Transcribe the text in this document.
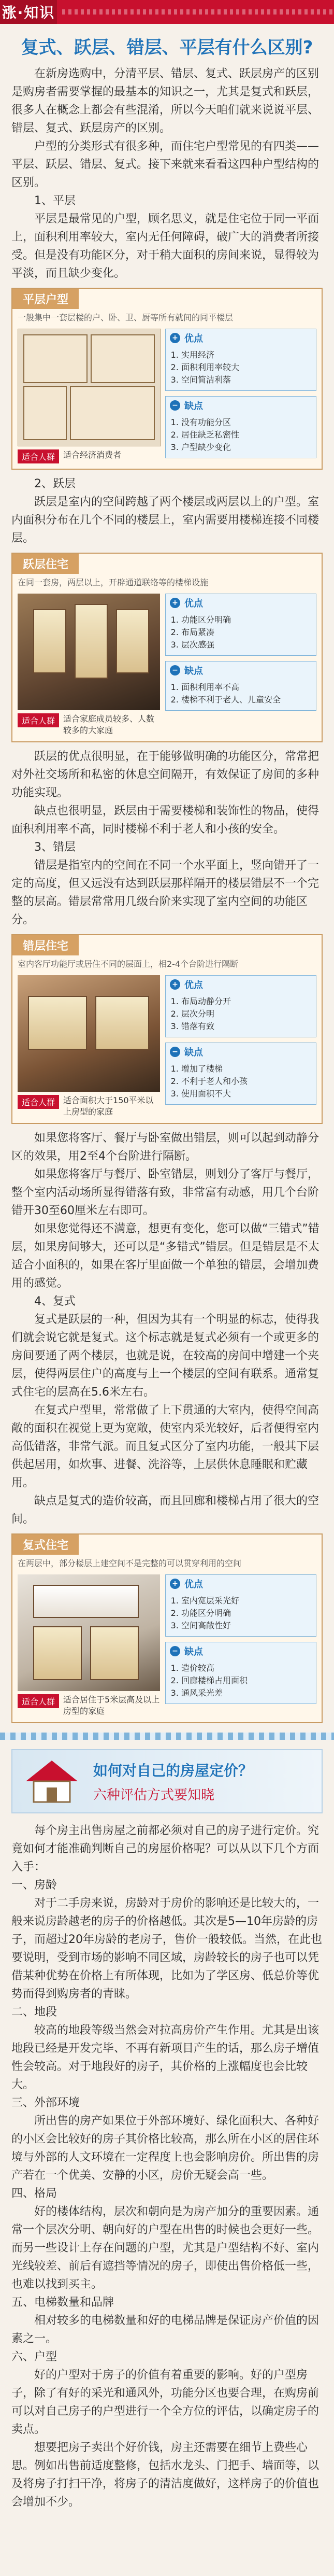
涨·知识
复式、跃层、错层、平层有什么区别?

在新房选购中，分清平层、错层、复式、跃层房产的区别是购房者需要掌握的最基本的知识之一，尤其是复式和跃层，很多人在概念上都会有些混淆，所以今天咱们就来说说平层、错层、复式、跃层房产的区别。

户型的分类形式有很多种，而住宅户型常见的有四类——平层、跃层、错层、复式。接下来就来看看这四种户型结构的区别。

1、平层

平层是最常见的户型，顾名思义，就是住宅位于同一平面上，面积利用率较大，室内无任何障碍，破广大的消费者所接受。但是没有功能区分，对于稍大面积的房间来说，显得较为平淡，而且缺少变化。

平层户型
一般集中一套层楼的户、卧、卫、厨等所有就间的同平楼层
适合人群	适合经济消费者
+ 优点
1. 实用经济
2. 面积利用率较大
3. 空间简洁利落
− 缺点
1. 没有功能分区
2. 居住缺乏私密性
3. 户型缺少变化
2、跃层

跃层是室内的空间跨越了两个楼层或两层以上的户型。室内面积分布在几个不同的楼层上，室内需要用楼梯连接不同楼层。

跃层住宅
在同一套房，两层以上，开辟通道联络等的楼梯设施
适合人群	适合家庭成员较多、人数较多的大家庭
+ 优点
1. 功能区分明确
2. 布局紧凑
3. 层次感强
− 缺点
1. 面积利用率不高
2. 楼梯不利于老人、儿童安全

跃层的优点很明显，在于能够做明确的功能区分，常常把对外社交场所和私密的休息空间隔开，有效保证了房间的多种功能实现。

缺点也很明显，跃层由于需要楼梯和装饰性的物品，使得面积利用率不高，同时楼梯不利于老人和小孩的安全。

3、错层

错层是指室内的空间在不同一个水平面上，竖向错开了一定的高度，但又远没有达到跃层那样隔开的楼层错层不一个完整的层高。错层常常用几级台阶来实现了室内空间的功能区分。

错层住宅
室内客厅功能厅或居住不同的层面上，相2-4个台阶进行隔断
适合人群	适合面积大于150平米以上房型的家庭
+ 优点
1. 布局动静分开
2. 层次分明
3. 错落有致
− 缺点
1. 增加了楼梯
2. 不利于老人和小孩
3. 使用面积不大

如果您将客厅、餐厅与卧室做出错层，则可以起到动静分区的效果，用2至4个台阶进行隔断。

如果您将客厅与餐厅、卧室错层，则划分了客厅与餐厅，整个室内活动场所显得错落有致，非常富有动感，用几个台阶错开30至60厘米左右即可。

如果您觉得还不满意，想更有变化，您可以做“三错式”错层，如果房间够大，还可以是“多错式”错层。但是错层是不太适合小面积的，如果在客厅里面做一个单独的错层，会增加费用的感觉。

4、复式

复式是跃层的一种，但因为其有一个明显的标志，使得我们就会说它就是复式。这个标志就是复式必须有一个或更多的房间要通了两个楼层，也就是说，在较高的房间中增建一个夹层，使得两层住户的高度与上一个楼层的空间有联系。通常复式住宅的层高在5.6米左右。

在复式户型里，常常做了上下贯通的大室内，使得空间高敞的面积在视觉上更为宽敞，使室内采光较好，后者便得室内高低错落，非常气派。而且复式区分了室内功能，一般其下层供起居用，如炊事、进餐、洗浴等，上层供休息睡眠和贮藏用。

缺点是复式的造价较高，而且回廊和楼梯占用了很大的空间。

复式住宅
在两层中，部分楼层上建空间不是完整的可以贯穿利用的空间
适合人群	适合居住于5米层高及以上房型的家庭
+ 优点
1. 室内宽层采光好
2. 功能区分明确
3. 空间高敞性好
− 缺点
1. 造价较高
2. 回廊楼梯占用面积
3. 通风采光差
如何对自己的房屋定价？
六种评估方式要知晓

每个房主出售房屋之前都必须对自己的房子进行定价。究竟如何才能准确判断自己的房屋价格呢？可以从以下几个方面入手：

一、房龄

对于二手房来说，房龄对于房价的影响还是比较大的，一般来说房龄越老的房子的价格越低。其次是5—10年房龄的房子，而超过20年房龄的老房子，售价一般较低。当然，在此也要说明，受到市场的影响不同区域，房龄较长的房子也可以凭借某种优势在价格上有所体现，比如为了学区房、低总价等优势而得到购房者的青睐。

二、地段

较高的地段等级当然会对拉高房价产生作用。尤其是出该地段已经是开发完毕、不再有新项目产生的话，那么房子增值性会较高。对于地段好的房子，其价格的上涨幅度也会比较大。

三、外部环境

所出售的房产如果位于外部环境好、绿化面积大、各种好的小区会比较好的房子其价格比较高，那么所在小区的居住环境与外部的人文环境在一定程度上也会影响房价。所出售的房产若在一个优美、安静的小区，房价无疑会高一些。

四、格局

好的楼体结构，层次和朝向是为房产加分的重要因素。通常一个层次分明、朝向好的户型在出售的时候也会更好一些。而另一些设计上存在问题的户型，尤其是户型结构不好、室内光线较差、前后有遮挡等情况的房子，即使出售价格低一些，也难以找到买主。

五、电梯数量和品牌

相对较多的电梯数量和好的电梯品牌是保证房产价值的因素之一。

六、户型

好的户型对于房子的价值有着重要的影响。好的户型房子，除了有好的采光和通风外，功能分区也要合理，在购房前可以对自己房子的户型进行一个全方位的评估，以确定房子的卖点。

想要把房子卖出个好价钱，房主还需要在细节上费些心思。例如出售前适度整修，包括水龙头、门把手、墙面等，以及将房子打扫干净，将房子的清洁度做好，这样房子的价值也会增加不少。
